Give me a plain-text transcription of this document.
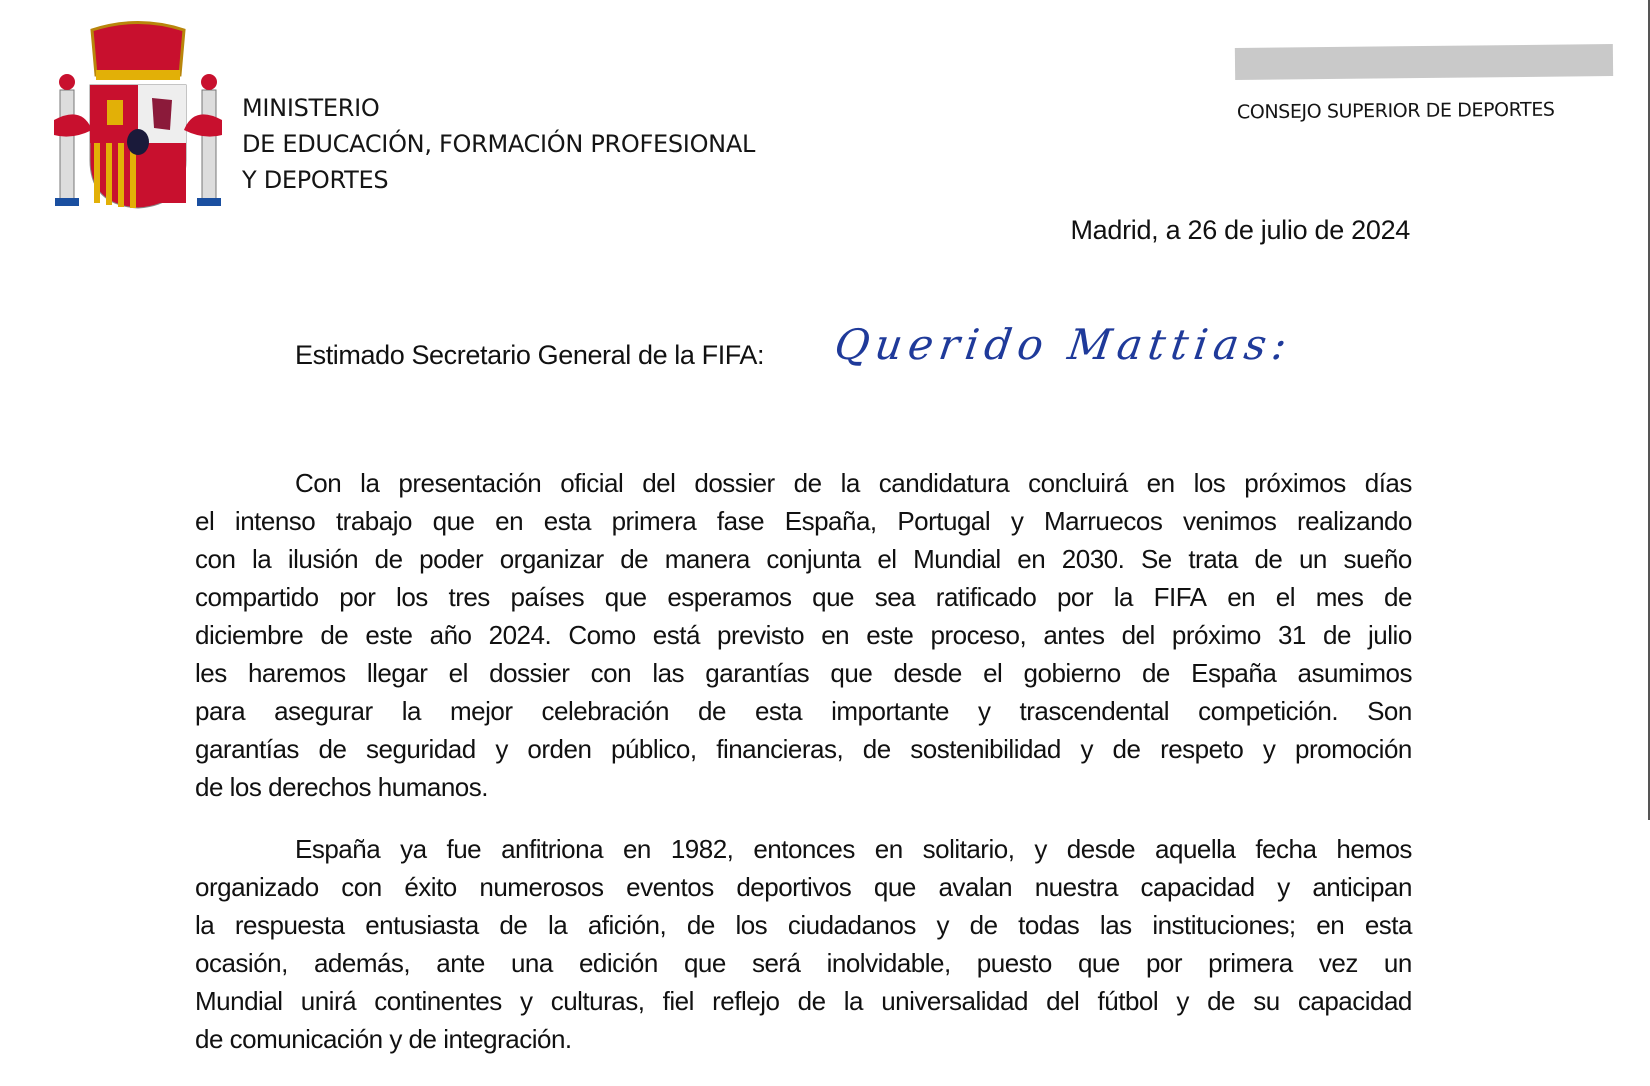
MINISTERIO
DE EDUCACIÓN, FORMACIÓN PROFESIONAL
Y DEPORTES
CONSEJO SUPERIOR DE DEPORTES
Madrid, a 26 de julio de 2024
Estimado Secretario General de la FIFA: Querido Mattias:
Con la presentación oficial del dossier de la candidatura concluirá en los próximos días
el intenso trabajo que en esta primera fase España, Portugal y Marruecos venimos realizando
con la ilusión de poder organizar de manera conjunta el Mundial en 2030. Se trata de un sueño
compartido por los tres países que esperamos que sea ratificado por la FIFA en el mes de
diciembre de este año 2024. Como está previsto en este proceso, antes del próximo 31 de julio
les haremos llegar el dossier con las garantías que desde el gobierno de España asumimos
para asegurar la mejor celebración de esta importante y trascendental competición. Son
garantías de seguridad y orden público, financieras, de sostenibilidad y de respeto y promoción
de los derechos humanos.
España ya fue anfitriona en 1982, entonces en solitario, y desde aquella fecha hemos
organizado con éxito numerosos eventos deportivos que avalan nuestra capacidad y anticipan
la respuesta entusiasta de la afición, de los ciudadanos y de todas las instituciones; en esta
ocasión, además, ante una edición que será inolvidable, puesto que por primera vez un
Mundial unirá continentes y culturas, fiel reflejo de la universalidad del fútbol y de su capacidad
de comunicación y de integración.
